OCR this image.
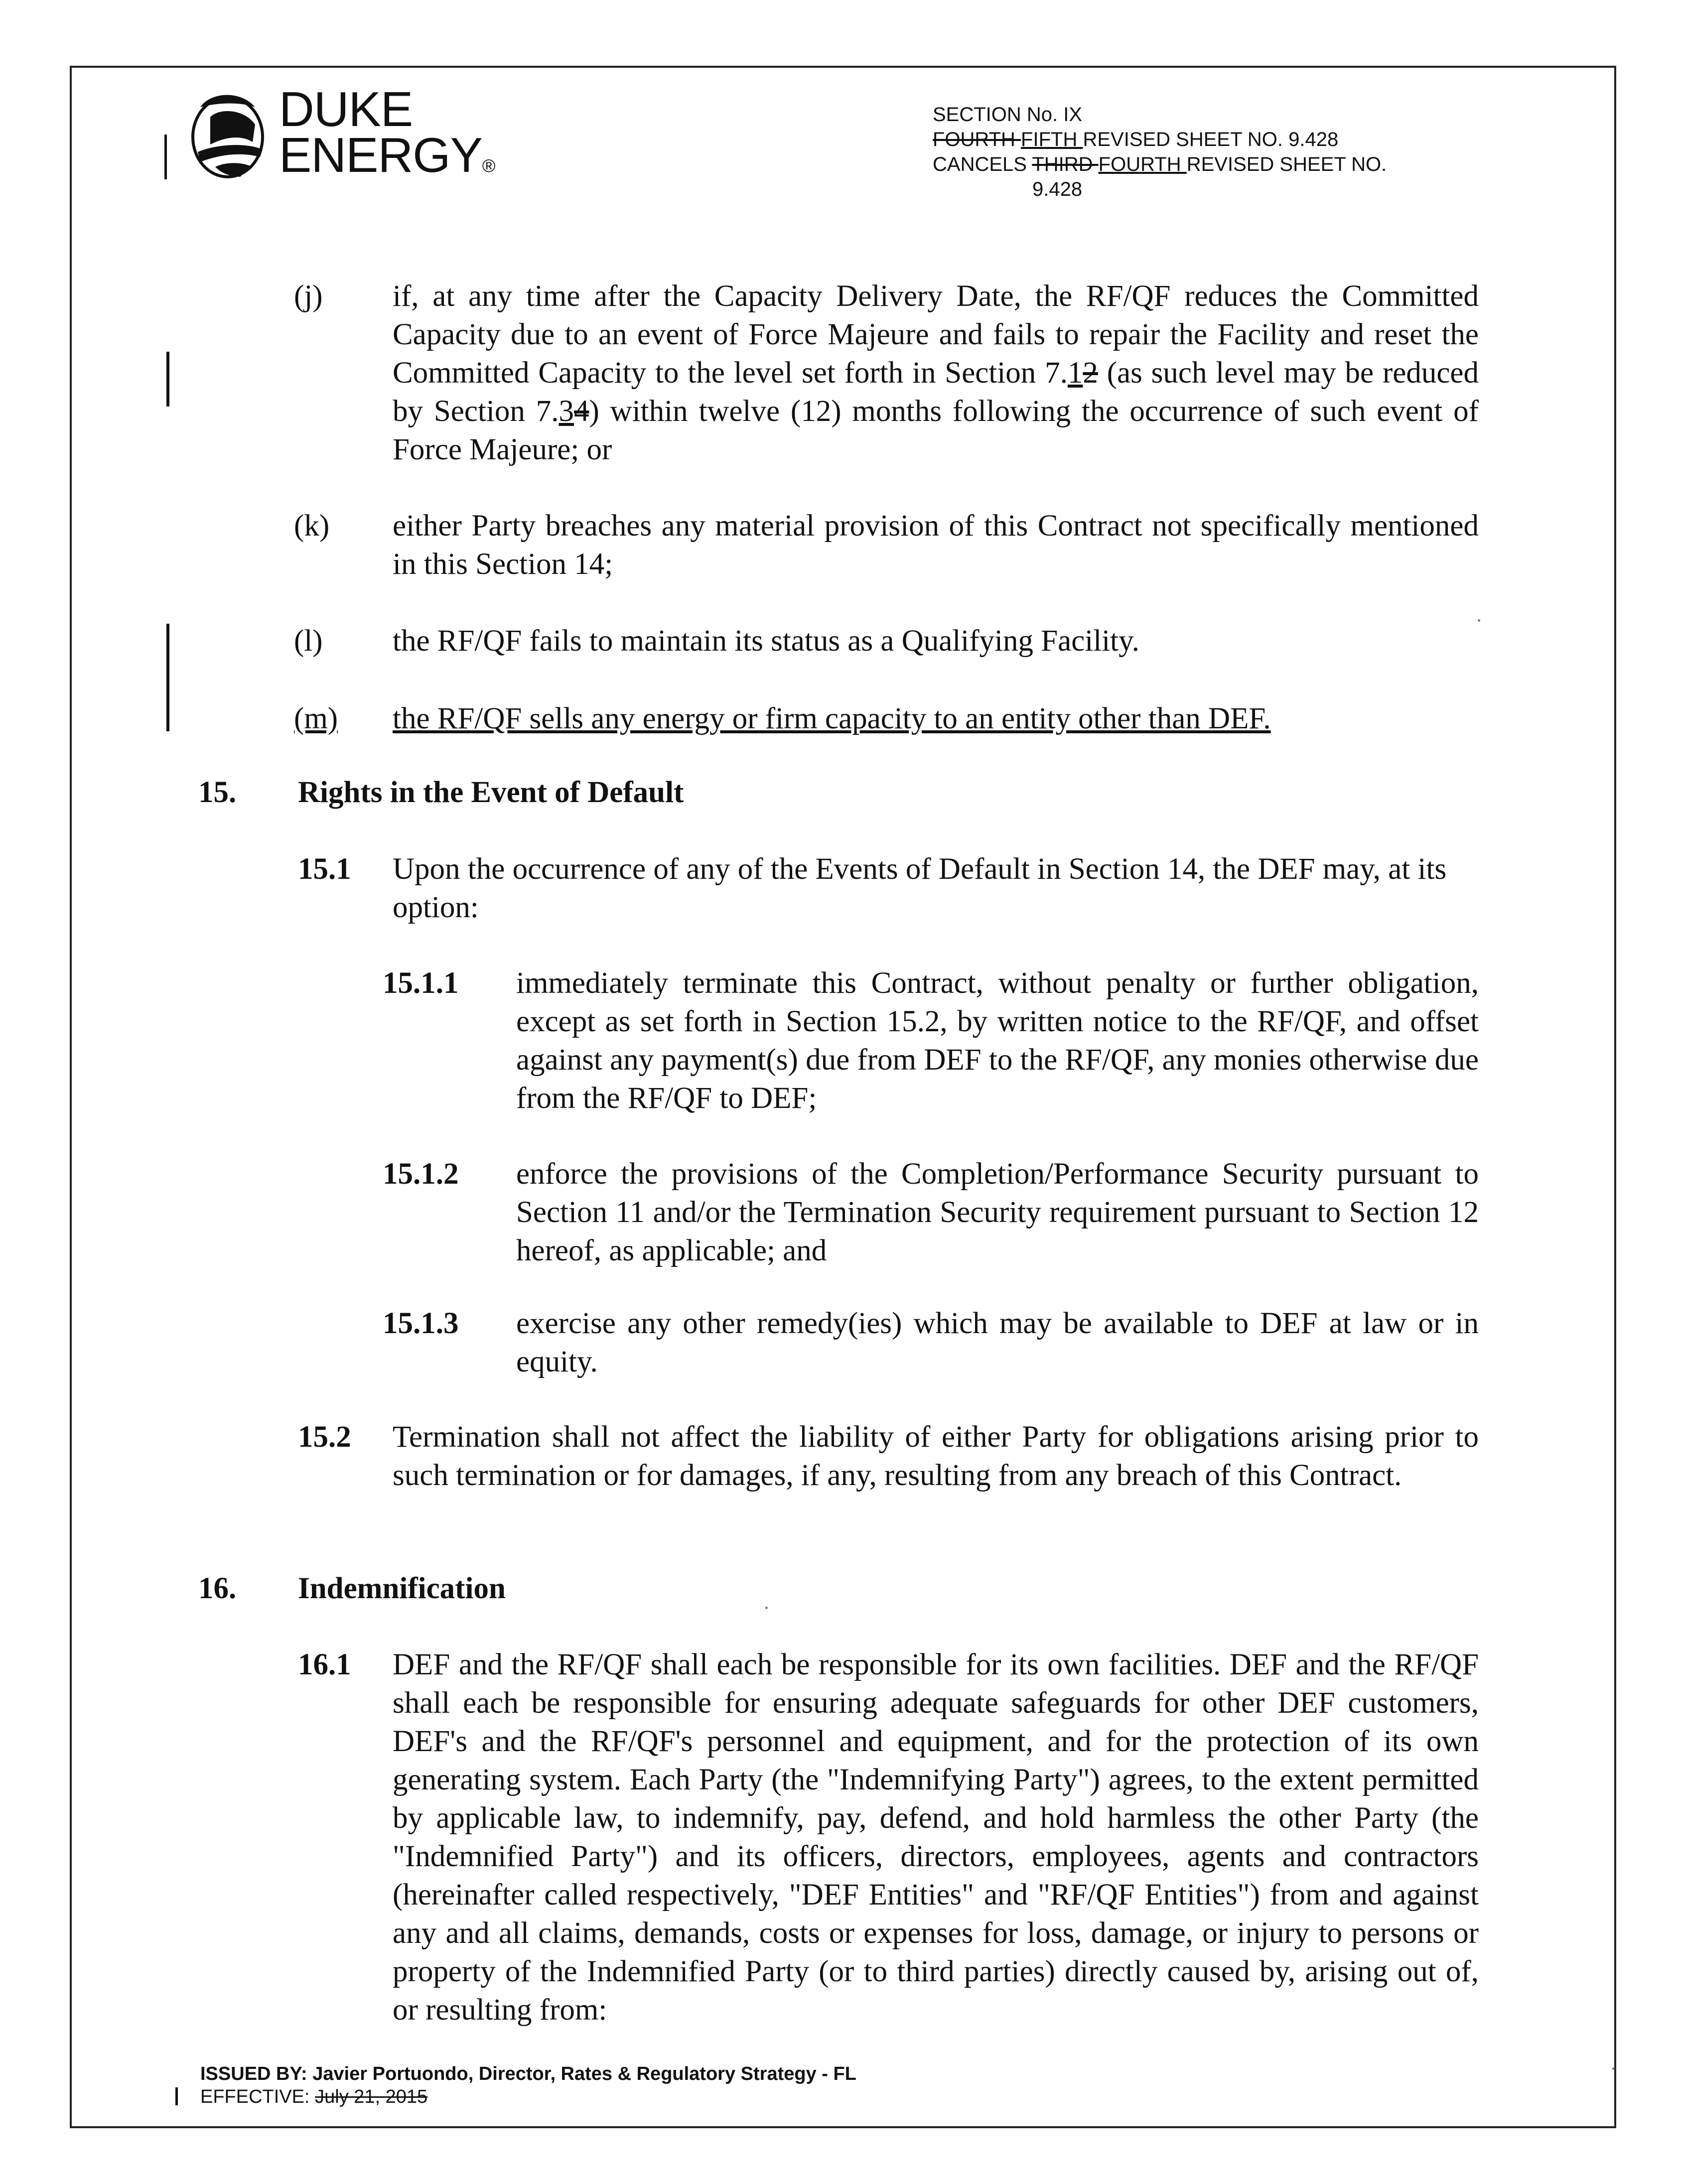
DUKE
ENERGY®
SECTION No. IX
FOURTH FIFTH REVISED SHEET NO. 9.428
CANCELS THIRD FOURTH REVISED SHEET NO.
9.428
(j) if, at any time after the Capacity Delivery Date, the RF/QF reduces the Committed Capacity due to an event of Force Majeure and fails to repair the Facility and reset the Committed Capacity to the level set forth in Section 7.12 (as such level may be reduced by Section 7.34) within twelve (12) months following the occurrence of such event of Force Majeure; or
(k) either Party breaches any material provision of this Contract not specifically mentioned in this Section 14;
(l) the RF/QF fails to maintain its status as a Qualifying Facility.
(m) the RF/QF sells any energy or firm capacity to an entity other than DEF.
15. Rights in the Event of Default
15.1 Upon the occurrence of any of the Events of Default in Section 14, the DEF may, at its option:
15.1.1 immediately terminate this Contract, without penalty or further obligation, except as set forth in Section 15.2, by written notice to the RF/QF, and offset against any payment(s) due from DEF to the RF/QF, any monies otherwise due from the RF/QF to DEF;
15.1.2 enforce the provisions of the Completion/Performance Security pursuant to Section 11 and/or the Termination Security requirement pursuant to Section 12 hereof, as applicable; and
15.1.3 exercise any other remedy(ies) which may be available to DEF at law or in equity.
15.2 Termination shall not affect the liability of either Party for obligations arising prior to such termination or for damages, if any, resulting from any breach of this Contract.
16. Indemnification
16.1 DEF and the RF/QF shall each be responsible for its own facilities. DEF and the RF/QF shall each be responsible for ensuring adequate safeguards for other DEF customers, DEF's and the RF/QF's personnel and equipment, and for the protection of its own generating system. Each Party (the "Indemnifying Party") agrees, to the extent permitted by applicable law, to indemnify, pay, defend, and hold harmless the other Party (the "Indemnified Party") and its officers, directors, employees, agents and contractors (hereinafter called respectively, "DEF Entities" and "RF/QF Entities") from and against any and all claims, demands, costs or expenses for loss, damage, or injury to persons or property of the Indemnified Party (or to third parties) directly caused by, arising out of, or resulting from:
ISSUED BY: Javier Portuondo, Director, Rates & Regulatory Strategy - FL
EFFECTIVE: July 21, 2015
